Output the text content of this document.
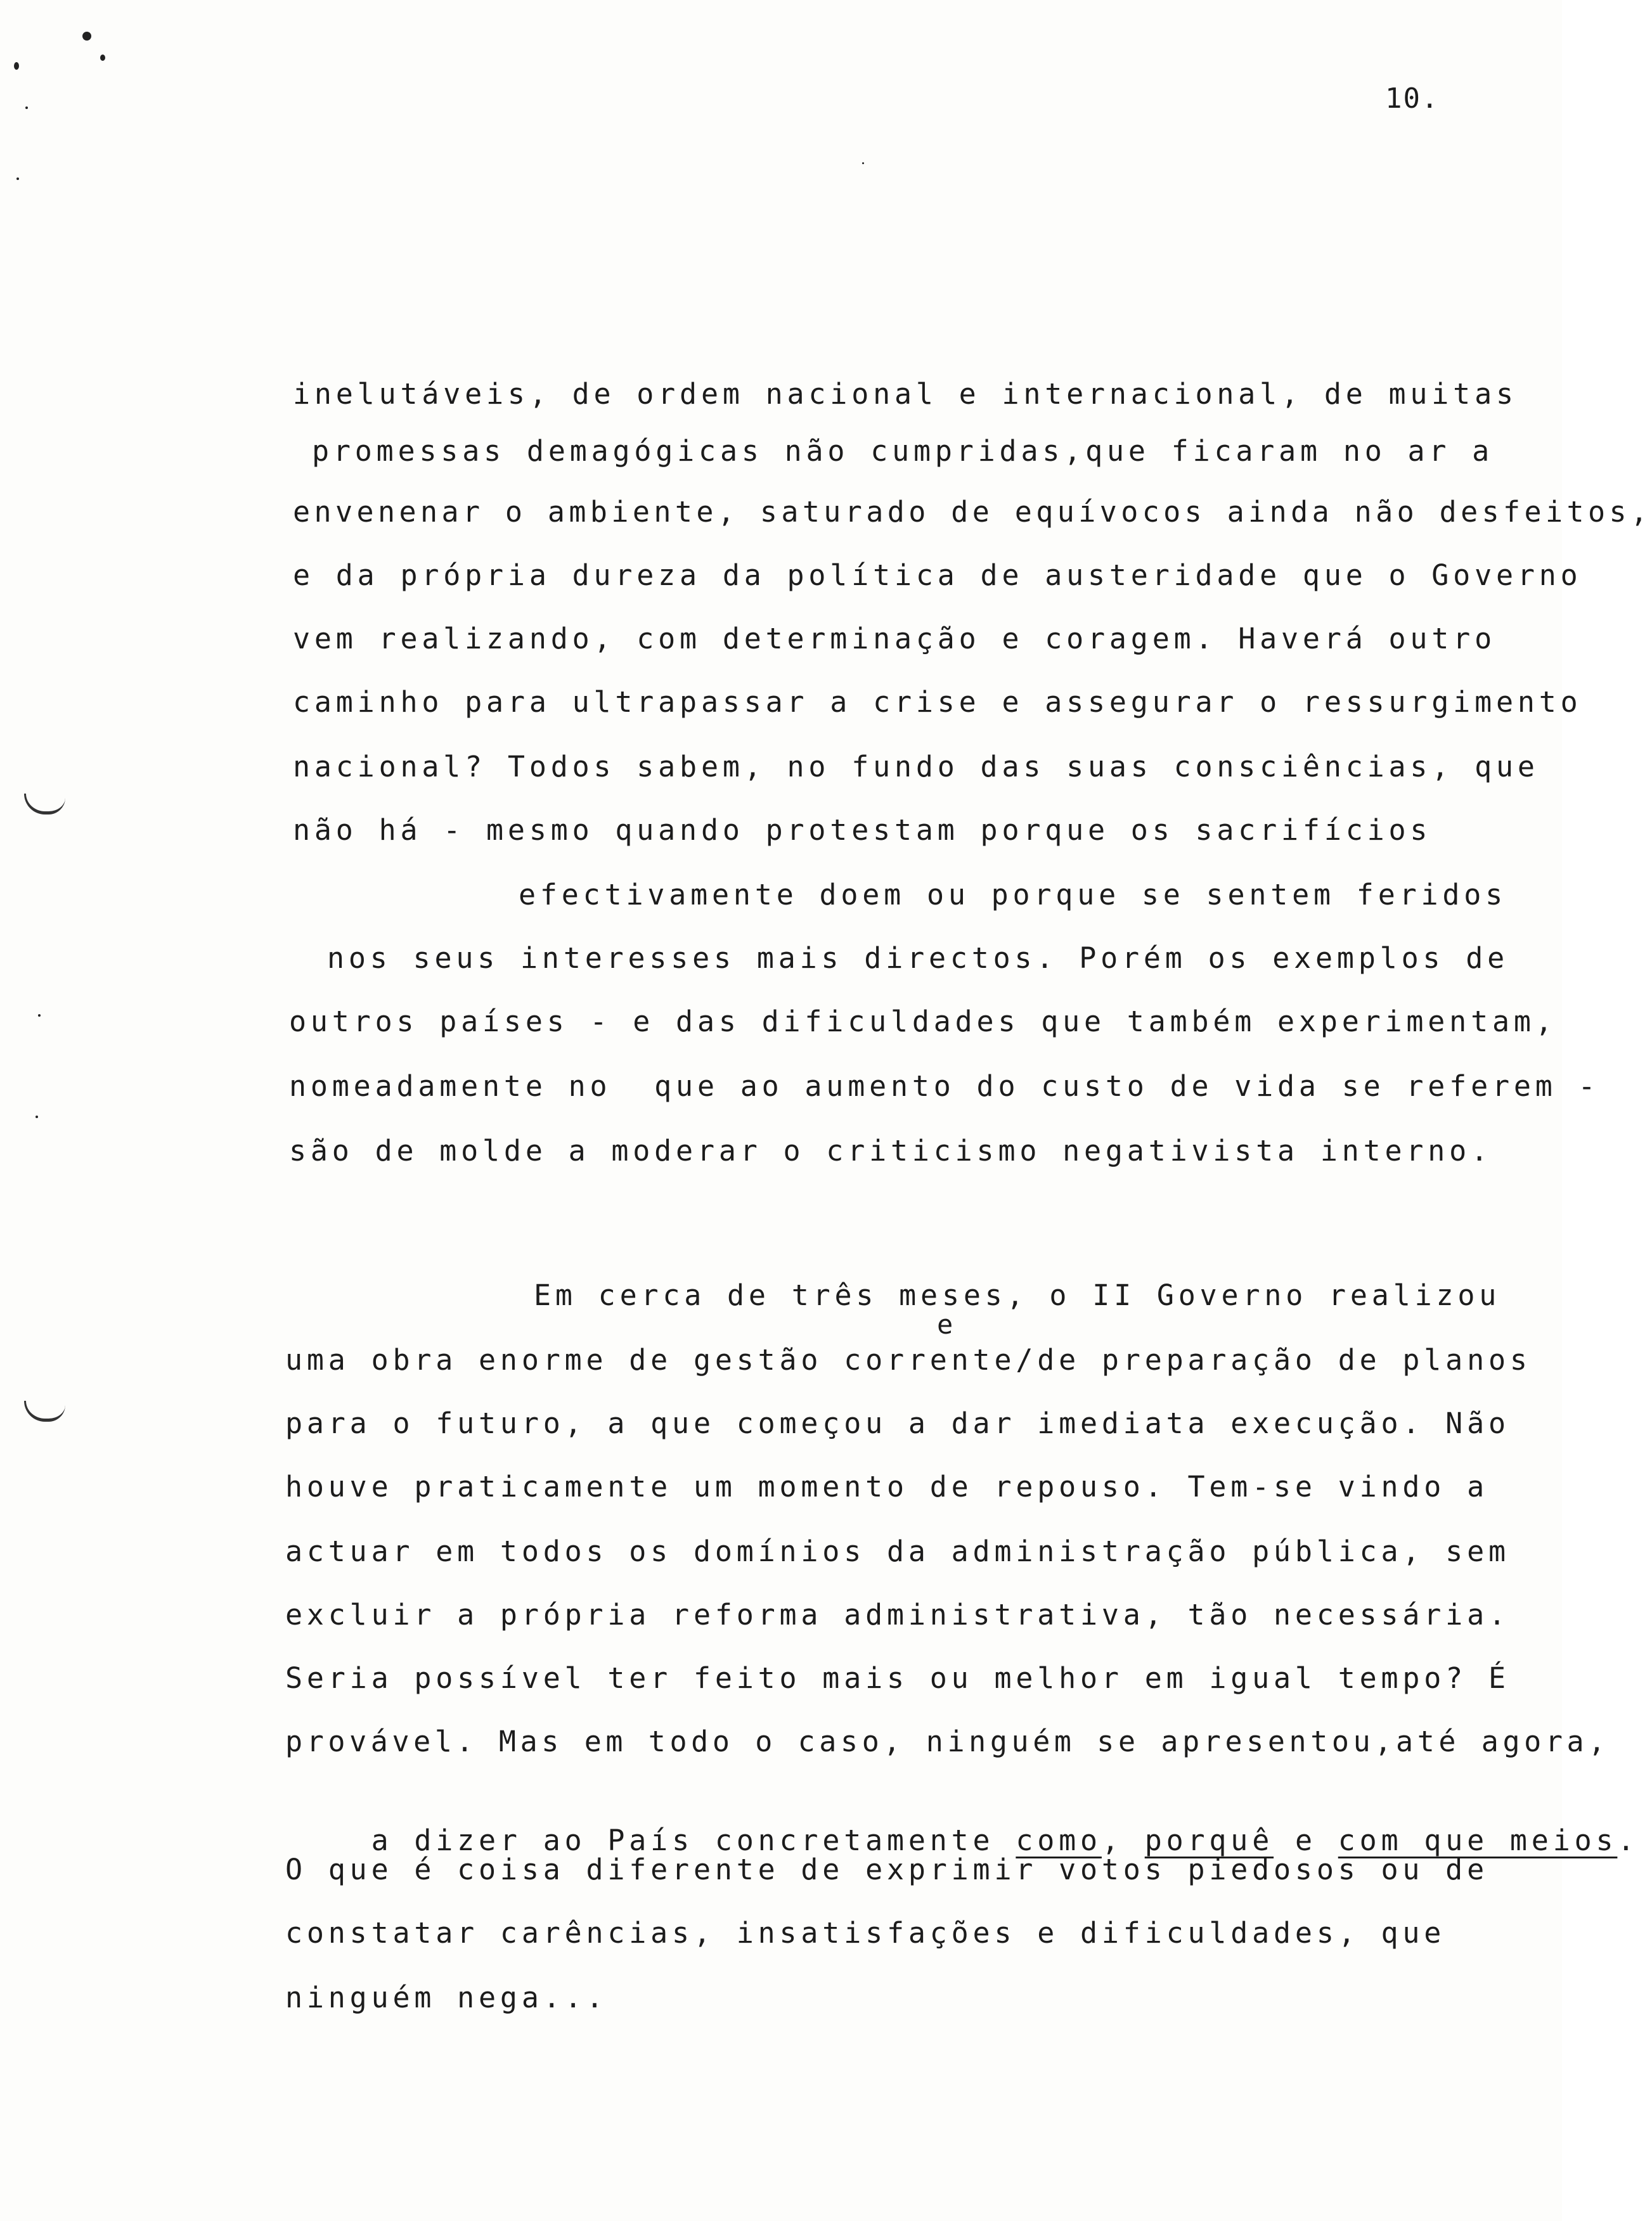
10.
inelutáveis, de ordem nacional e internacional, de muitas
promessas demagógicas não cumpridas,que ficaram no ar a
envenenar o ambiente, saturado de equívocos ainda não desfeitos,
e da própria dureza da política de austeridade que o Governo
vem realizando, com determinação e coragem. Haverá outro
caminho para ultrapassar a crise e assegurar o ressurgimento
nacional? Todos sabem, no fundo das suas consciências, que
não há - mesmo quando protestam porque os sacrifícios
efectivamente doem ou porque se sentem feridos
nos seus interesses mais directos. Porém os exemplos de
outros países - e das dificuldades que também experimentam,
nomeadamente no  que ao aumento do custo de vida se referem -
são de molde a moderar o criticismo negativista interno.
Em cerca de três meses, o II Governo realizou
e
uma obra enorme de gestão corrente/de preparação de planos
para o futuro, a que começou a dar imediata execução. Não
houve praticamente um momento de repouso. Tem-se vindo a
actuar em todos os domínios da administração pública, sem
excluir a própria reforma administrativa, tão necessária.
Seria possível ter feito mais ou melhor em igual tempo? É
provável. Mas em todo o caso, ninguém se apresentou,até agora,

a dizer ao País concretamente como, porquê e com que meios.

O que é coisa diferente de exprimir votos piedosos ou de
constatar carências, insatisfações e dificuldades, que
ninguém nega...
